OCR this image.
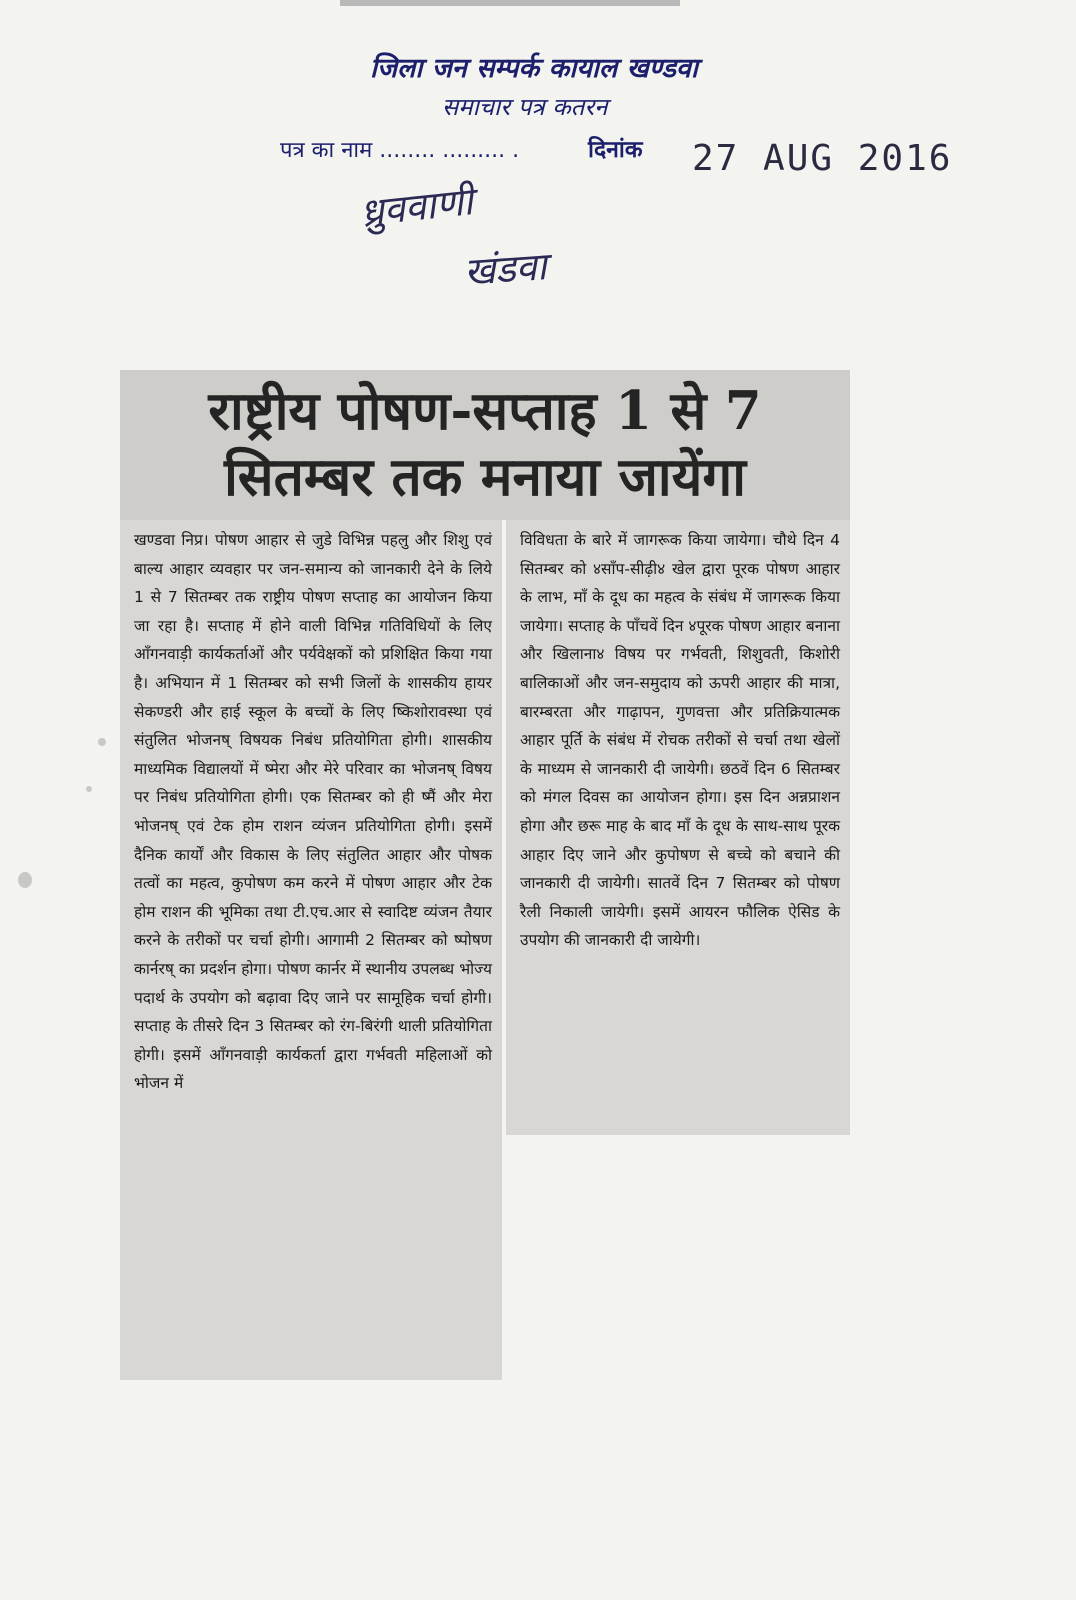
जिला जन सम्पर्क कायाल खण्डवा
समाचार पत्र कतरन
पत्र का नाम ........ ......... .	दिनांक 27 AUG 2016
ध्रुववाणी
खंडवा
राष्ट्रीय पोषण-सप्ताह 1 से 7
सितम्बर तक मनाया जायेंगा
खण्डवा निप्र। पोषण आहार से जुडे विभिन्न पहलु और शिशु एवं बाल्य आहार व्यवहार पर जन-समान्य को जानकारी देने के लिये 1 से 7 सितम्बर तक राष्ट्रीय पोषण सप्ताह का आयोजन किया जा रहा है। सप्ताह में होने वाली विभिन्न गतिविधियों के लिए आँगनवाड़ी कार्यकर्ताओं और पर्यवेक्षकों को प्रशिक्षित किया गया है। अभियान में 1 सितम्बर को सभी जिलों के शासकीय हायर सेकण्डरी और हाई स्कूल के बच्चों के लिए ष्किशोरावस्था एवं संतुलित भोजनष् विषयक निबंध प्रतियोगिता होगी। शासकीय माध्यमिक विद्यालयों में ष्मेरा और मेरे परिवार का भोजनष् विषय पर निबंध प्रतियोगिता होगी। एक सितम्बर को ही ष्मैं और मेरा भोजनष् एवं टेक होम राशन व्यंजन प्रतियोगिता होगी। इसमें दैनिक कार्यों और विकास के लिए संतुलित आहार और पोषक तत्वों का महत्व, कुपोषण कम करने में पोषण आहार और टेक होम राशन की भूमिका तथा टी.एच.आर से स्वादिष्ट व्यंजन तैयार करने के तरीकों पर चर्चा होगी। आगामी 2 सितम्बर को ष्पोषण कार्नरष् का प्रदर्शन होगा। पोषण कार्नर में स्थानीय उपलब्ध भोज्य पदार्थ के उपयोग को बढ़ावा दिए जाने पर सामूहिक चर्चा होगी। सप्ताह के तीसरे दिन 3 सितम्बर को रंग-बिरंगी थाली प्रतियोगिता होगी। इसमें आँगनवाड़ी कार्यकर्ता द्वारा गर्भवती महिलाओं को भोजन में
विविधता के बारे में जागरूक किया जायेगा। चौथे दिन 4 सितम्बर को ४साँप-सीढ़ी४ खेल द्वारा पूरक पोषण आहार के लाभ, माँ के दूध का महत्व के संबंध में जागरूक किया जायेगा। सप्ताह के पाँचवें दिन ४पूरक पोषण आहार बनाना और खिलाना४ विषय पर गर्भवती, शिशुवती, किशोरी बालिकाओं और जन-समुदाय को ऊपरी आहार की मात्रा, बारम्बरता और गाढ़ापन, गुणवत्ता और प्रतिक्रियात्मक आहार पूर्ति के संबंध में रोचक तरीकों से चर्चा तथा खेलों के माध्यम से जानकारी दी जायेगी। छठवें दिन 6 सितम्बर को मंगल दिवस का आयोजन होगा। इस दिन अन्नप्राशन होगा और छरू माह के बाद माँ के दूध के साथ-साथ पूरक आहार दिए जाने और कुपोषण से बच्चे को बचाने की जानकारी दी जायेगी। सातवें दिन 7 सितम्बर को पोषण रैली निकाली जायेगी। इसमें आयरन फौलिक ऐसिड के उपयोग की जानकारी दी जायेगी।
